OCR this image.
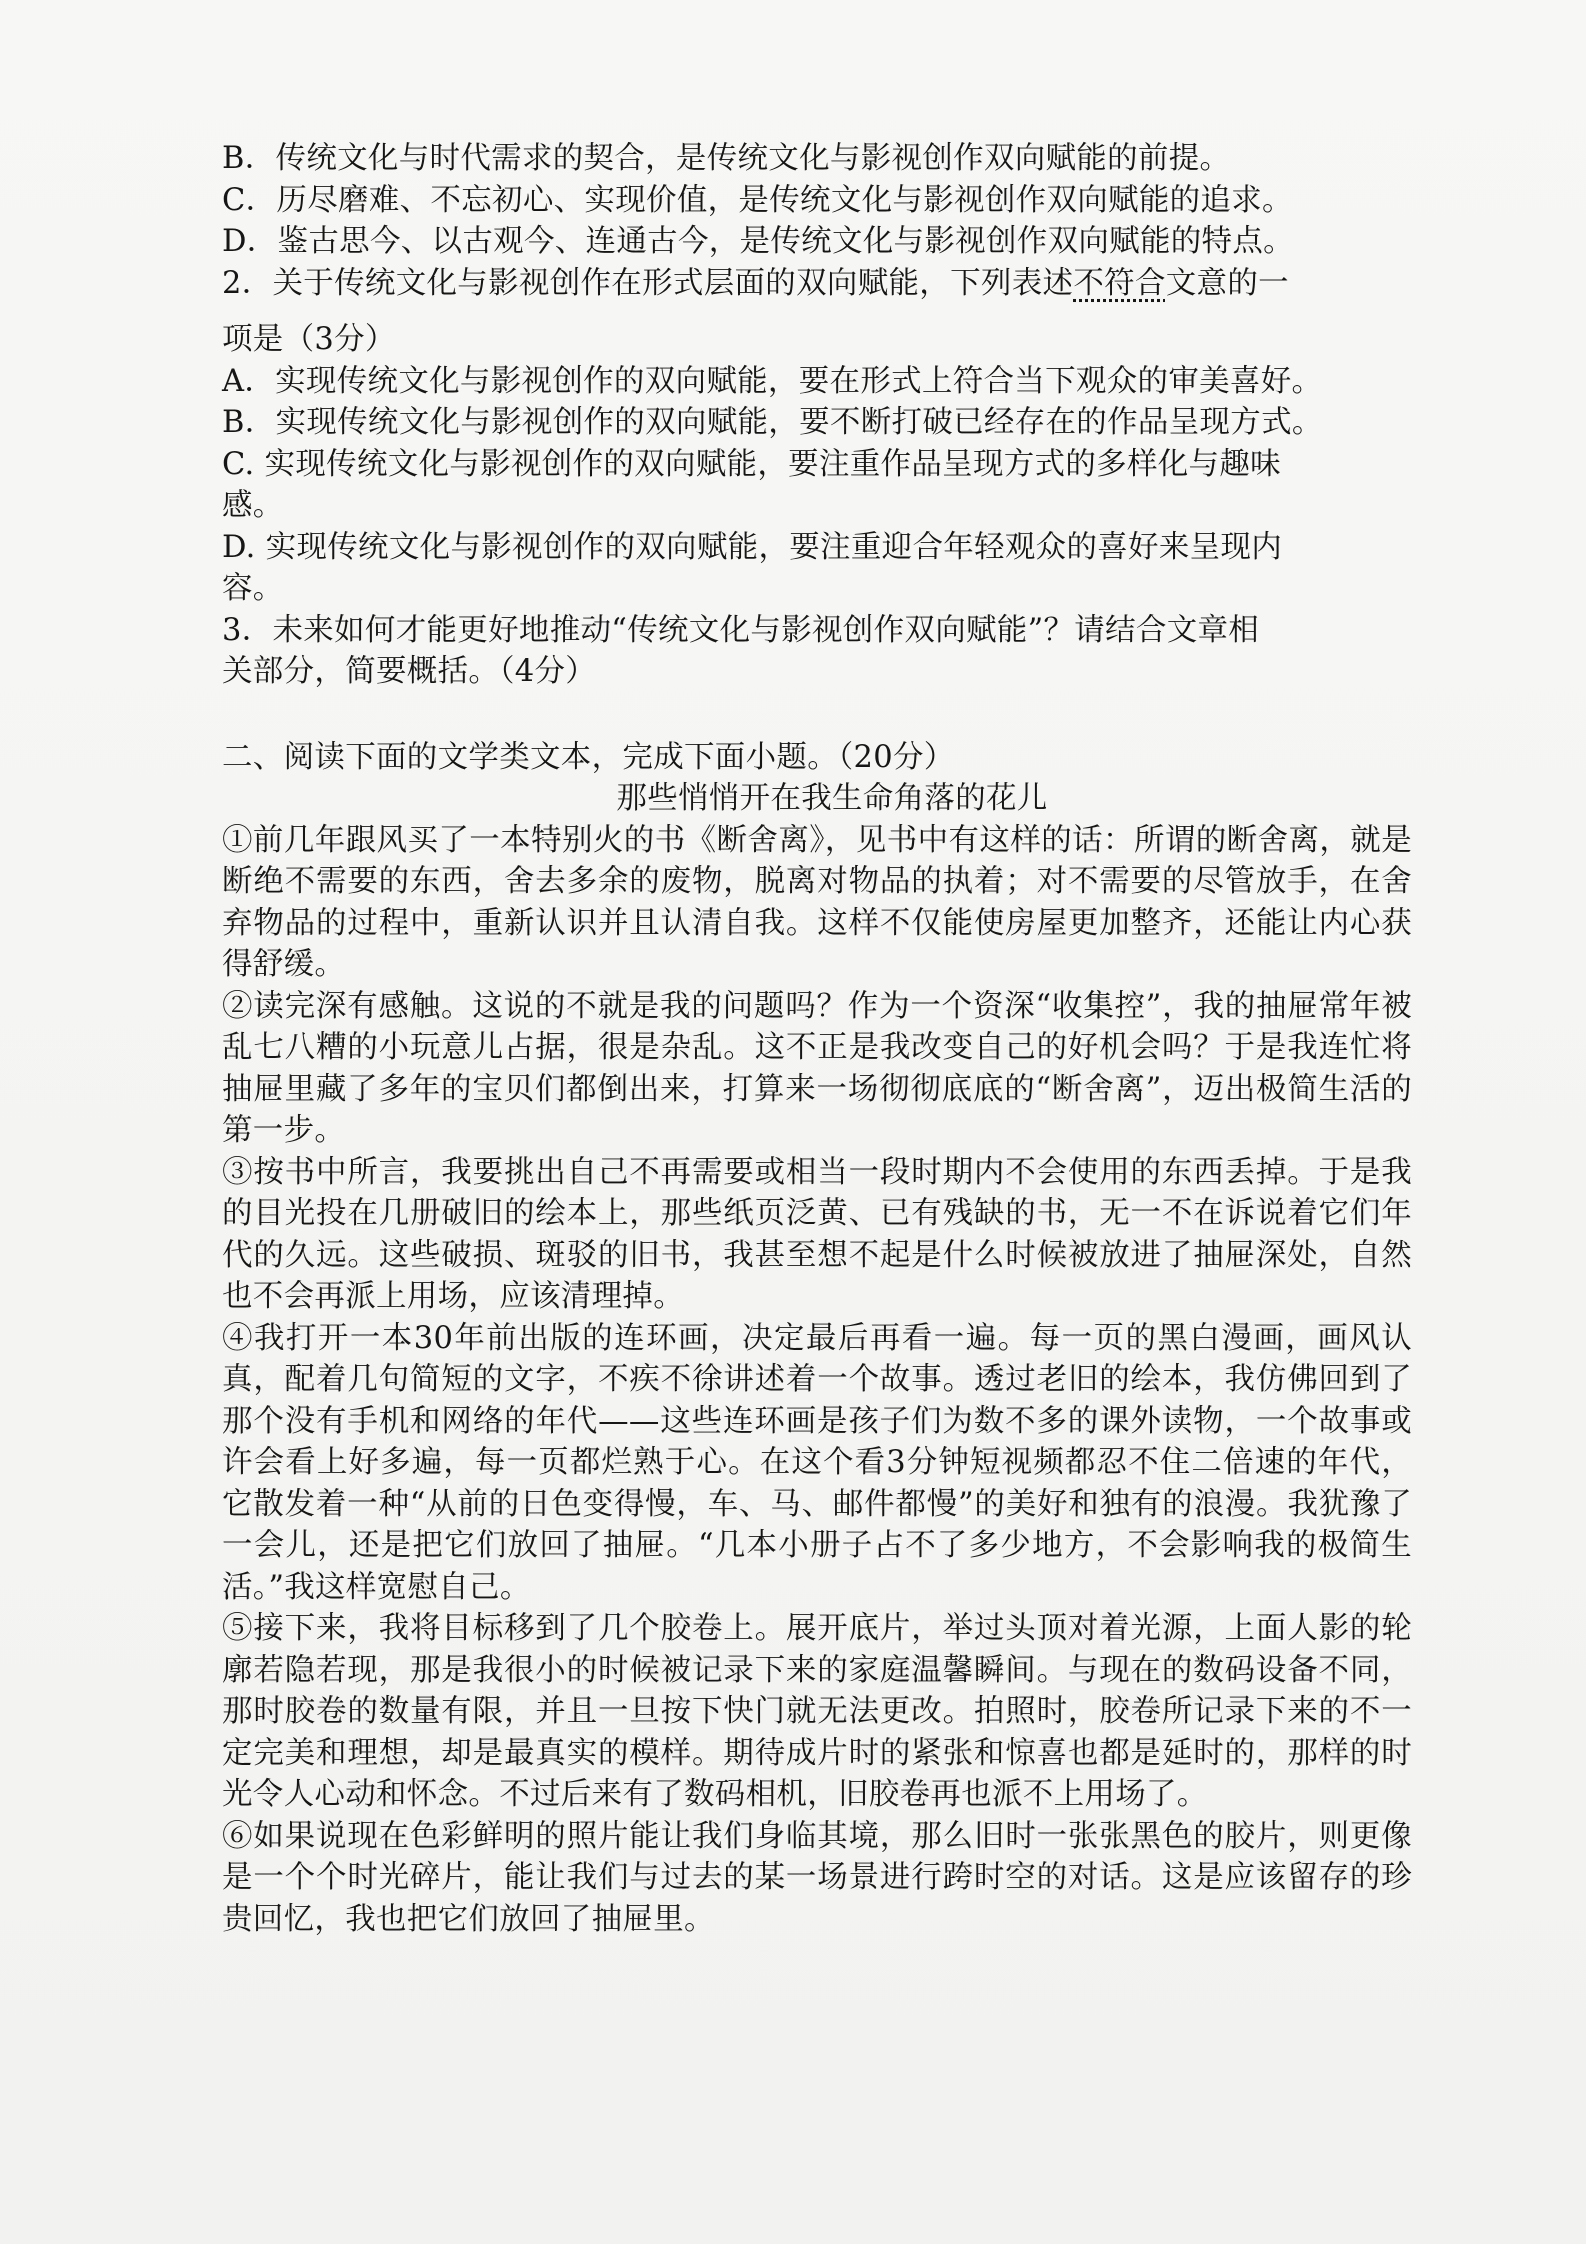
B．传统文化与时代需求的契合，是传统文化与影视创作双向赋能的前提。

C．历尽磨难、不忘初心、实现价值，是传统文化与影视创作双向赋能的追求。

D．鉴古思今、以古观今、连通古今，是传统文化与影视创作双向赋能的特点。

2．关于传统文化与影视创作在形式层面的双向赋能，下列表述不符合文意的一

项是（3分）

A．实现传统文化与影视创作的双向赋能，要在形式上符合当下观众的审美喜好。

B．实现传统文化与影视创作的双向赋能，要不断打破已经存在的作品呈现方式。

C. 实现传统文化与影视创作的双向赋能，要注重作品呈现方式的多样化与趣味

感。

D. 实现传统文化与影视创作的双向赋能，要注重迎合年轻观众的喜好来呈现内

容。

3．未来如何才能更好地推动“传统文化与影视创作双向赋能”？请结合文章相

关部分，简要概括。（4分）

二、阅读下面的文学类文本，完成下面小题。（20分）

那些悄悄开在我生命角落的花儿

①前几年跟风买了一本特别火的书《断舍离》，见书中有这样的话：所谓的断舍离，就是断绝不需要的东西，舍去多余的废物，脱离对物品的执着；对不需要的尽管放手，在舍弃物品的过程中，重新认识并且认清自我。这样不仅能使房屋更加整齐，还能让内心获得舒缓。

②读完深有感触。这说的不就是我的问题吗？作为一个资深“收集控”，我的抽屉常年被乱七八糟的小玩意儿占据，很是杂乱。这不正是我改变自己的好机会吗？于是我连忙将抽屉里藏了多年的宝贝们都倒出来，打算来一场彻彻底底的“断舍离”，迈出极简生活的第一步。

③按书中所言，我要挑出自己不再需要或相当一段时期内不会使用的东西丢掉。于是我的目光投在几册破旧的绘本上，那些纸页泛黄、已有残缺的书，无一不在诉说着它们年代的久远。这些破损、斑驳的旧书，我甚至想不起是什么时候被放进了抽屉深处，自然也不会再派上用场，应该清理掉。

④我打开一本30年前出版的连环画，决定最后再看一遍。每一页的黑白漫画，画风认真，配着几句简短的文字，不疾不徐讲述着一个故事。透过老旧的绘本，我仿佛回到了那个没有手机和网络的年代——这些连环画是孩子们为数不多的课外读物，一个故事或许会看上好多遍，每一页都烂熟于心。在这个看3分钟短视频都忍不住二倍速的年代，它散发着一种“从前的日色变得慢，车、马、邮件都慢”的美好和独有的浪漫。我犹豫了一会儿，还是把它们放回了抽屉。“几本小册子占不了多少地方，不会影响我的极简生活。”我这样宽慰自己。

⑤接下来，我将目标移到了几个胶卷上。展开底片，举过头顶对着光源，上面人影的轮廓若隐若现，那是我很小的时候被记录下来的家庭温馨瞬间。与现在的数码设备不同，那时胶卷的数量有限，并且一旦按下快门就无法更改。拍照时，胶卷所记录下来的不一定完美和理想，却是最真实的模样。期待成片时的紧张和惊喜也都是延时的，那样的时光令人心动和怀念。不过后来有了数码相机，旧胶卷再也派不上用场了。

⑥如果说现在色彩鲜明的照片能让我们身临其境，那么旧时一张张黑色的胶片，则更像是一个个时光碎片，能让我们与过去的某一场景进行跨时空的对话。这是应该留存的珍贵回忆，我也把它们放回了抽屉里。
